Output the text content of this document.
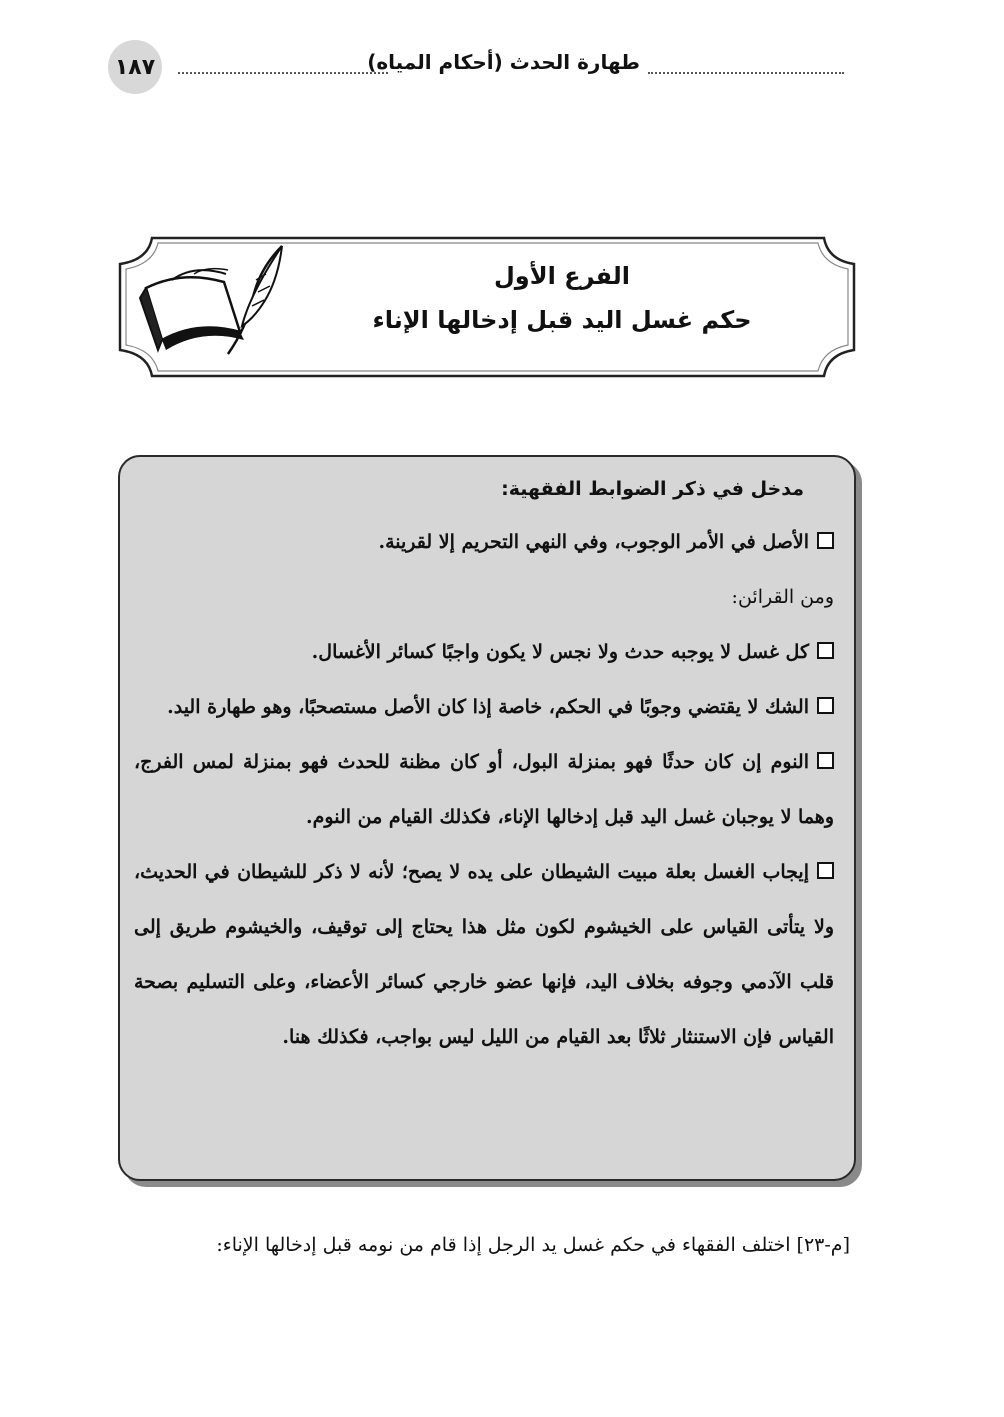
١٨٧	طهارة الحدث (أحكام المياه)
الفرع الأول
حكم غسل اليد قبل إدخالها الإناء

مدخل في ذكر الضوابط الفقهية:

الأصل في الأمر الوجوب، وفي النهي التحريم إلا لقرينة.

ومن القرائن:

كل غسل لا يوجبه حدث ولا نجس لا يكون واجبًا كسائر الأغسال.

الشك لا يقتضي وجوبًا في الحكم، خاصة إذا كان الأصل مستصحبًا، وهو طهارة اليد.

النوم إن كان حدثًا فهو بمنزلة البول، أو كان مظنة للحدث فهو بمنزلة لمس الفرج، وهما لا يوجبان غسل اليد قبل إدخالها الإناء، فكذلك القيام من النوم.

إيجاب الغسل بعلة مبيت الشيطان على يده لا يصح؛ لأنه لا ذكر للشيطان في الحديث، ولا يتأتى القياس على الخيشوم لكون مثل هذا يحتاج إلى توقيف، والخيشوم طريق إلى قلب الآدمي وجوفه بخلاف اليد، فإنها عضو خارجي كسائر الأعضاء، وعلى التسليم بصحة القياس فإن الاستنثار ثلاثًا بعد القيام من الليل ليس بواجب، فكذلك هنا.

[م-٢٣] اختلف الفقهاء في حكم غسل يد الرجل إذا قام من نومه قبل إدخالها الإناء:
